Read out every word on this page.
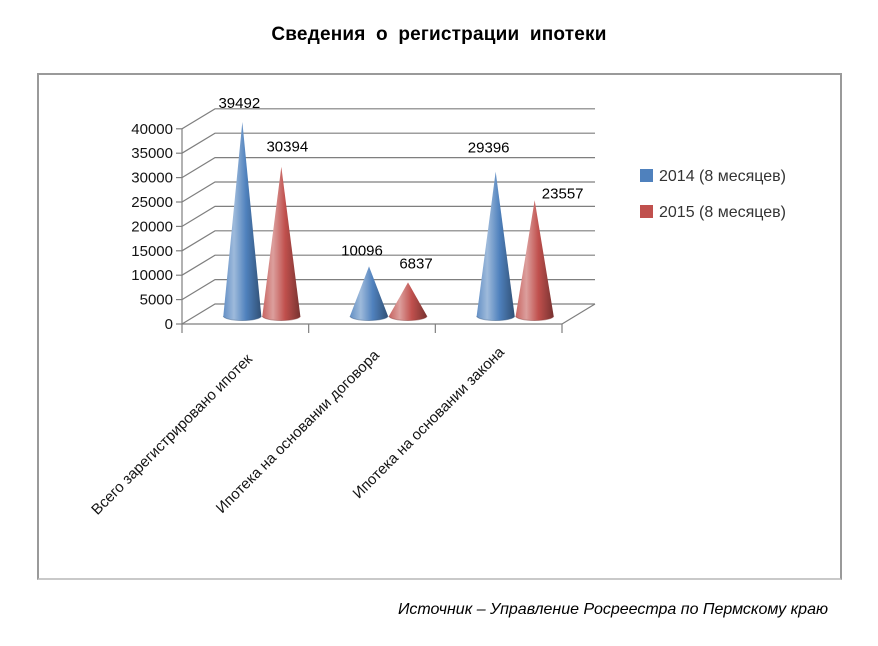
Сведения о регистрации ипотеки
0
5000
10000
15000
20000
25000
30000
35000
40000
39492
30394
10096
6837
29396
23557
Всего зарегистрировано ипотек
Ипотека на основании договора
Ипотека на основании закона
2014 (8 месяцев)
2015 (8 месяцев)
Источник – Управление Росреестра по Пермскому краю
